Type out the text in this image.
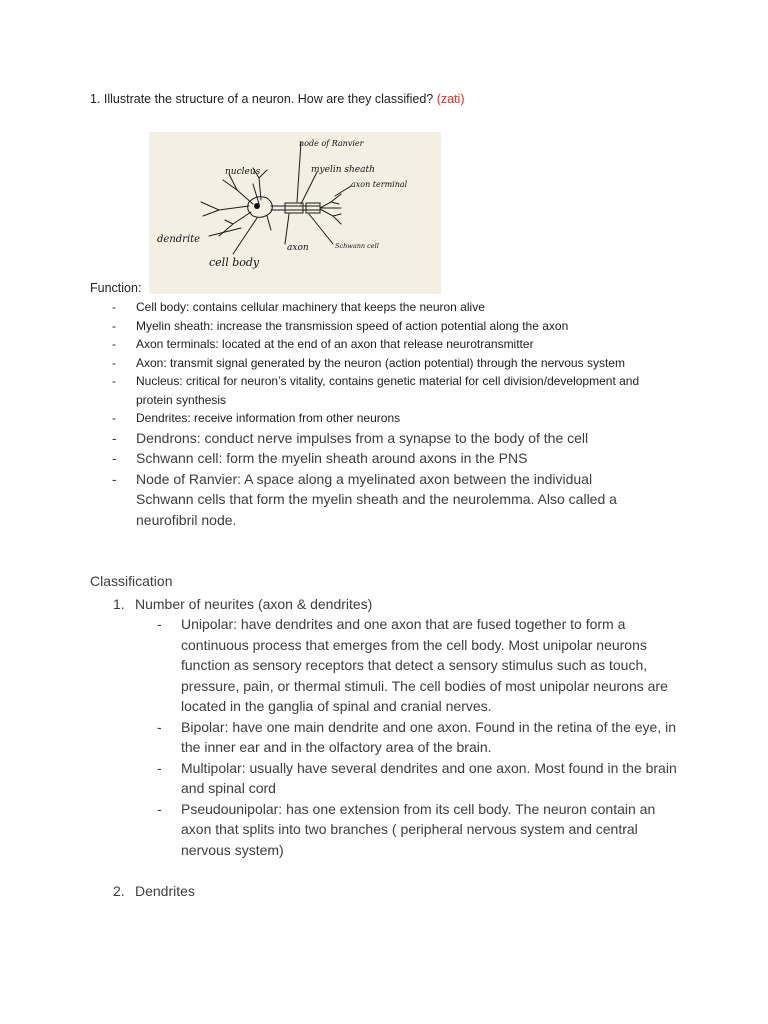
1. Illustrate the structure of a neuron. How are they classified? (zati)
node of Ranvier
nucleus	myelin sheath
axon terminal
dendrite
axon	Schwann cell
cell body
Function:
- Cell body: contains cellular machinery that keeps the neuron alive
- Myelin sheath: increase the transmission speed of action potential along the axon
- Axon terminals: located at the end of an axon that release neurotransmitter
- Axon: transmit signal generated by the neuron (action potential) through the nervous system
- Nucleus: critical for neuron’s vitality, contains genetic material for cell division/development and protein synthesis
- Dendrites: receive information from other neurons
- Dendrons: conduct nerve impulses from a synapse to the body of the cell
- Schwann cell: form the myelin sheath around axons in the PNS
- Node of Ranvier: A space along a myelinated axon between the individual Schwann cells that form the myelin sheath and the neurolemma. Also called a neurofibril node.
Classification
1. Number of neurites (axon & dendrites)
- Unipolar: have dendrites and one axon that are fused together to form a continuous process that emerges from the cell body. Most unipolar neurons function as sensory receptors that detect a sensory stimulus such as touch, pressure, pain, or thermal stimuli. The cell bodies of most unipolar neurons are located in the ganglia of spinal and cranial nerves.
- Bipolar: have one main dendrite and one axon. Found in the retina of the eye, in the inner ear and in the olfactory area of the brain.
- Multipolar: usually have several dendrites and one axon. Most found in the brain and spinal cord
- Pseudounipolar: has one extension from its cell body. The neuron contain an axon that splits into two branches ( peripheral nervous system and central nervous system)
2. Dendrites
